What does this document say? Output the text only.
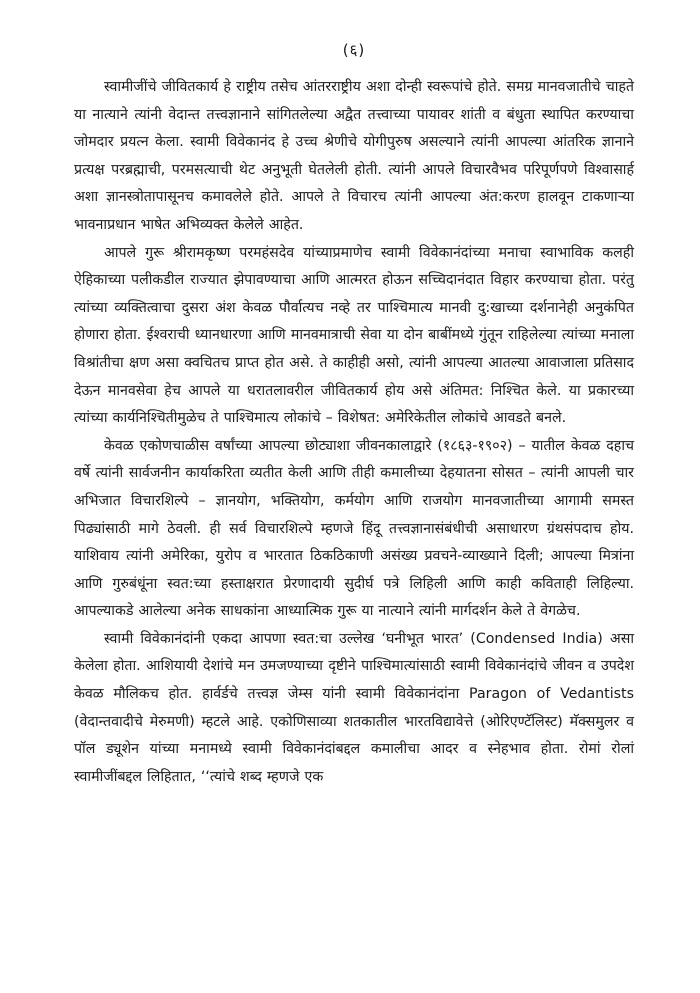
(६)

स्वामीजींचे जीवितकार्य हे राष्ट्रीय तसेच आंतरराष्ट्रीय अशा दोन्ही स्वरूपांचे होते. समग्र मानवजातीचे चाहते या नात्याने त्यांनी वेदान्त तत्त्वज्ञानाने सांगितलेल्या अद्वैत तत्त्वाच्या पायावर शांती व बंधुता स्थापित करण्याचा जोमदार प्रयत्न केला. स्वामी विवेकानंद हे उच्च श्रेणीचे योगीपुरुष असल्याने त्यांनी आपल्या आंतरिक ज्ञानाने प्रत्यक्ष परब्रह्माची, परमसत्याची थेट अनुभूती घेतलेली होती. त्यांनी आपले विचारवैभव परिपूर्णपणे विश्वासार्ह अशा ज्ञानस्त्रोतापासूनच कमावलेले होते. आपले ते विचारच त्यांनी आपल्या अंत:करण हालवून टाकणाऱ्या भावनाप्रधान भाषेत अभिव्यक्त केलेले आहेत.

आपले गुरू श्रीरामकृष्ण परमहंसदेव यांच्याप्रमाणेच स्वामी विवेकानंदांच्या मनाचा स्वाभाविक कलही ऐहिकाच्या पलीकडील राज्यात झेपावण्याचा आणि आत्मरत होऊन सच्चिदानंदात विहार करण्याचा होता. परंतु त्यांच्या व्यक्तित्वाचा दुसरा अंश केवळ पौर्वात्यच नव्हे तर पाश्चिमात्य मानवी दु:खाच्या दर्शनानेही अनुकंपित होणारा होता. ईश्वराची ध्यानधारणा आणि मानवमात्राची सेवा या दोन बाबींमध्ये गुंतून राहिलेल्या त्यांच्या मनाला विश्रांतीचा क्षण असा क्वचितच प्राप्त होत असे. ते काहीही असो, त्यांनी आपल्या आतल्या आवाजाला प्रतिसाद देऊन मानवसेवा हेच आपले या धरातलावरील जीवितकार्य होय असे अंतिमत: निश्चित केले. या प्रकारच्या त्यांच्या कार्यनिश्चितीमुळेच ते पाश्चिमात्य लोकांचे – विशेषत: अमेरिकेतील लोकांचे आवडते बनले.

केवळ एकोणचाळीस वर्षांच्या आपल्या छोट्याशा जीवनकालाद्वारे (१८६३-१९०२) – यातील केवळ दहाच वर्षे त्यांनी सार्वजनीन कार्याकरिता व्यतीत केली आणि तीही कमालीच्या देहयातना सोसत – त्यांनी आपली चार अभिजात विचारशिल्पे – ज्ञानयोग, भक्तियोग, कर्मयोग आणि राजयोग मानवजातीच्या आगामी समस्त पिढ्यांसाठी मागे ठेवली. ही सर्व विचारशिल्पे म्हणजे हिंदू तत्त्वज्ञानासंबंधीची असाधारण ग्रंथसंपदाच होय. याशिवाय त्यांनी अमेरिका, युरोप व भारतात ठिकठिकाणी असंख्य प्रवचने-व्याख्याने दिली; आपल्या मित्रांना आणि गुरुबंधूंना स्वत:च्या हस्ताक्षरात प्रेरणादायी सुदीर्घ पत्रे लिहिली आणि काही कविताही लिहिल्या. आपल्याकडे आलेल्या अनेक साधकांना आध्यात्मिक गुरू या नात्याने त्यांनी मार्गदर्शन केले ते वेगळेच.

स्वामी विवेकानंदांनी एकदा आपणा स्वत:चा उल्लेख ‘घनीभूत भारत’ (Condensed India) असा केलेला होता. आशियायी देशांचे मन उमजण्याच्या दृष्टीने पाश्चिमात्यांसाठी स्वामी विवेकानंदांचे जीवन व उपदेश केवळ मौलिकच होत. हार्वर्डचे तत्त्वज्ञ जेम्स यांनी स्वामी विवेकानंदांना Paragon of Vedantists (वेदान्तवादीचे मेरुमणी) म्हटले आहे. एकोणिसाव्या शतकातील भारतविद्यावेत्ते (ओरिएण्टॅलिस्ट) मॅक्समुलर व पॉल ड्यूशेन यांच्या मनामध्ये स्वामी विवेकानंदांबद्दल कमालीचा आदर व स्नेहभाव होता. रोमां रोलां स्वामीजींबद्दल लिहितात, ‘‘त्यांचे शब्द म्हणजे एक
